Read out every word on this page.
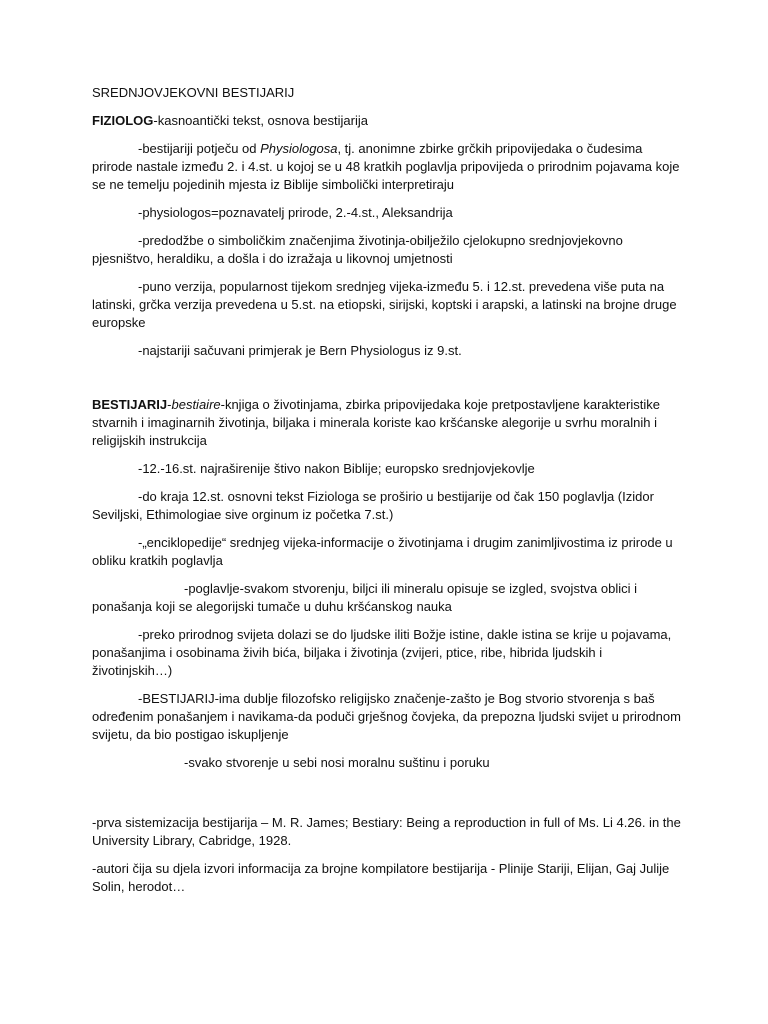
SREDNJOVJEKOVNI BESTIJARIJ

FIZIOLOG-kasnoantički tekst, osnova bestijarija

-bestijariji potječu od Physiologosa, tj. anonimne zbirke grčkih pripovijedaka o čudesima prirode nastale između 2. i 4.st. u kojoj se u 48 kratkih poglavlja pripovijeda o prirodnim pojavama koje se ne temelju pojedinih mjesta iz Biblije simbolički interpretiraju

-physiologos=poznavatelj prirode, 2.-4.st., Aleksandrija

-predodžbe o simboličkim značenjima životinja-obilježilo cjelokupno srednjovjekovno pjesništvo, heraldiku, a došla i do izražaja u likovnoj umjetnosti

-puno verzija, popularnost tijekom srednjeg vijeka-između 5. i 12.st. prevedena više puta na latinski, grčka verzija prevedena u 5.st. na etiopski, sirijski, koptski i arapski, a latinski na brojne druge europske

-najstariji sačuvani primjerak je Bern Physiologus iz 9.st.

BESTIJARIJ-bestiaire-knjiga o životinjama, zbirka pripovijedaka koje pretpostavljene karakteristike stvarnih i imaginarnih životinja, biljaka i minerala koriste kao kršćanske alegorije u svrhu moralnih i religijskih instrukcija

-12.-16.st. najraširenije štivo nakon Biblije; europsko srednjovjekovlje

-do kraja 12.st. osnovni tekst Fiziologa se proširio u bestijarije od čak 150 poglavlja (Izidor Seviljski, Ethimologiae sive orginum iz početka 7.st.)

-„enciklopedije“ srednjeg vijeka-informacije o životinjama i drugim zanimljivostima iz prirode u obliku kratkih poglavlja

-poglavlje-svakom stvorenju, biljci ili mineralu opisuje se izgled, svojstva oblici i ponašanja koji se alegorijski tumače u duhu kršćanskog nauka

-preko prirodnog svijeta dolazi se do ljudske iliti Božje istine, dakle istina se krije u pojavama, ponašanjima i osobinama živih bića, biljaka i životinja (zvijeri, ptice, ribe, hibrida ljudskih i životinjskih…)

-BESTIJARIJ-ima dublje filozofsko religijsko značenje-zašto je Bog stvorio stvorenja s baš određenim ponašanjem i navikama-da poduči grješnog čovjeka, da prepozna ljudski svijet u prirodnom svijetu, da bio postigao iskupljenje

-svako stvorenje u sebi nosi moralnu suštinu i poruku

-prva sistemizacija bestijarija – M. R. James; Bestiary: Being a reproduction in full of Ms. Li 4.26. in the University Library, Cabridge, 1928.

-autori čija su djela izvori informacija za brojne kompilatore bestijarija - Plinije Stariji, Elijan, Gaj Julije Solin, herodot…
